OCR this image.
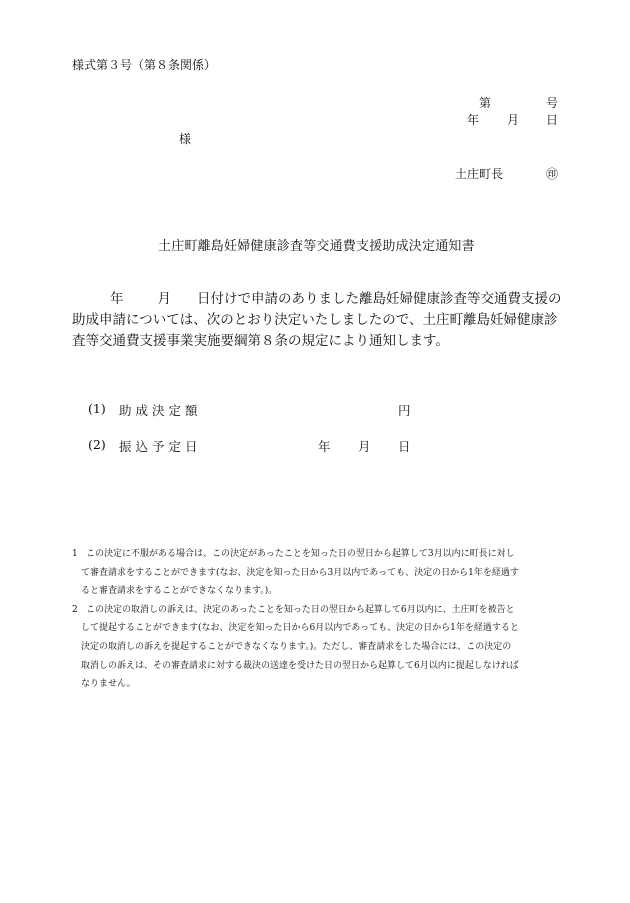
様式第３号（第８条関係）
第	号
年 月 日
様
土庄町長	㊞
土庄町離島妊婦健康診査等交通費支援助成決定通知書
年	月 日付けで申請のありました離島妊婦健康診査等交通費支援の
助成申請については、次のとおり決定いたしましたので、土庄町離島妊婦健康診
査等交通費支援事業実施要綱第８条の規定により通知します。
(1) 助成決定額	円
(2) 振込予定日	年 月 日
1 この決定に不服がある場合は、この決定があったことを知った日の翌日から起算して3月以内に町長に対し
て審査請求をすることができます(なお、決定を知った日から3月以内であっても、決定の日から1年を経過す
ると審査請求をすることができなくなります。)。
2 この決定の取消しの訴えは、決定のあったことを知った日の翌日から起算して6月以内に、土庄町を被告と
して提起することができます(なお、決定を知った日から6月以内であっても、決定の日から1年を経過すると
決定の取消しの訴えを提起することができなくなります。)。ただし、審査請求をした場合には、この決定の
取消しの訴えは、その審査請求に対する裁決の送達を受けた日の翌日から起算して6月以内に提起しなければ
なりません。
